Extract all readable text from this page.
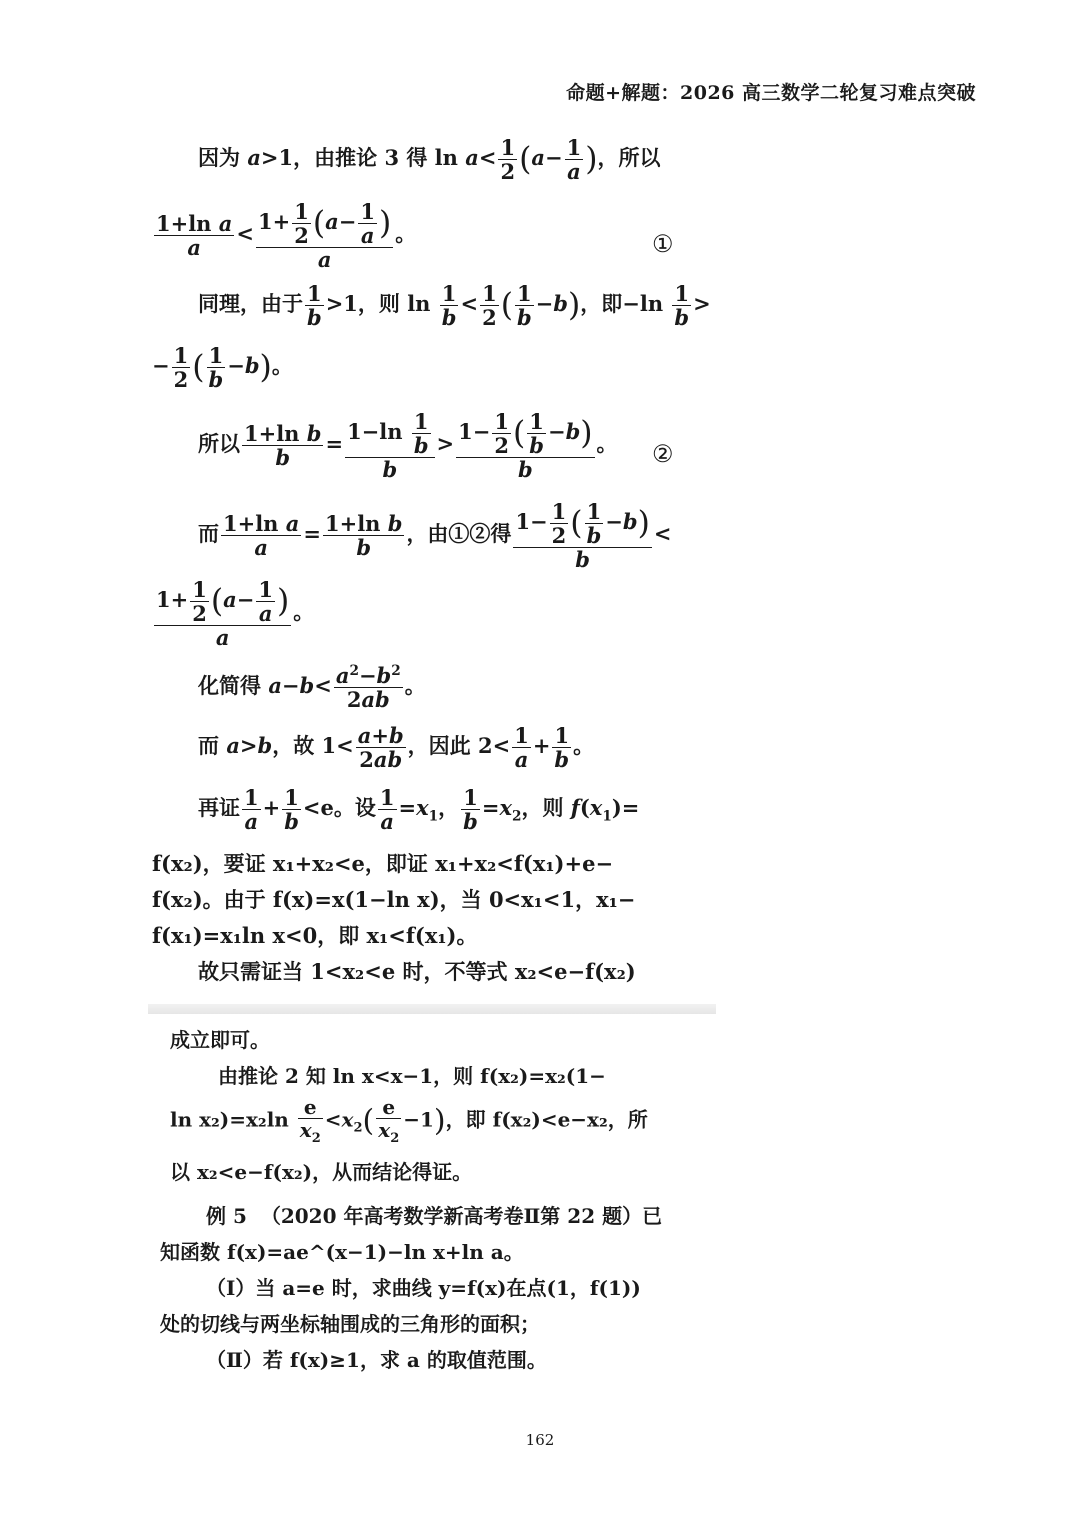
命题+解题：2026 高三数学二轮复习难点突破
因为 a>1，由推论 3 得 $\ln a< \frac{1}{2} (a- \frac{1}{a}$ )，所以
$\frac{\text{1+ln a}}{a} < \frac{1+ \frac{1}{2} (a- \frac{1}{a} )}{a}$ 。	①
同理，由于 $\frac{1}{b} >1$，则 $\ln \frac{1}{b} < \frac{1}{2}$ ( $\frac{1}{b} -b$)，即$-\ln \frac{1}{b}$ >
− $\frac{1}{2}$ ( $\frac{1}{b} -b$)。
所以 $\frac{\text{1+ln b}}{b} = \frac{1-\ln \frac{1}{b}}{b} > \frac{1- \frac{1}{2} ( \frac{1}{b} -b)}{b}$ 。 ②
而 $\frac{\text{1+ln a}}{a} = \frac{\text{1+ln b}}{b}$ ，由①②得 $\frac{1- \frac{1}{2} ( \frac{1}{b} -b)}{b}$ <
$\frac{1+ \frac{1}{2} (a- \frac{1}{a} )}{a}$ 。
化简得 $a-b< \frac{a^2-b^2}{2ab}$ 。
而 a>b，故 $1< \frac{a+b}{2ab}$ ，因此 $2< \frac{1}{a} + \frac{1}{b}$ 。
再证 $\frac{1}{a} + \frac{1}{b} <e$。设 $\frac{1}{a} =x_1$， $\frac{1}{b} =x_2$，则 $f(x_1)=$
f(x₂)，要证 x₁+x₂<e，即证 x₁+x₂<f(x₁)+e−
f(x₂)。由于 f(x)=x(1−ln x)，当 0<x₁<1，x₁−
f(x₁)=x₁ln x<0，即 x₁<f(x₁)。
故只需证当 1<x₂<e 时，不等式 x₂<e−f(x₂)
成立即可。
由推论 2 知 ln x<x−1，则 f(x₂)=x₂(1−
$\ln x_2)=x_2\ln \frac{e}{x_2} <x_2( \frac{e}{x_2} -1)$，即 f(x₂)<e−x₂，所
以 x₂<e−f(x₂)，从而结论得证。
例 5 （2020 年高考数学新高考卷Ⅱ第 22 题）已
知函数 f(x)=ae^(x−1)−ln x+ln a。
（Ⅰ）当 a=e 时，求曲线 y=f(x)在点(1，f(1))
处的切线与两坐标轴围成的三角形的面积；
（Ⅱ）若 f(x)≥1，求 a 的取值范围。
162
